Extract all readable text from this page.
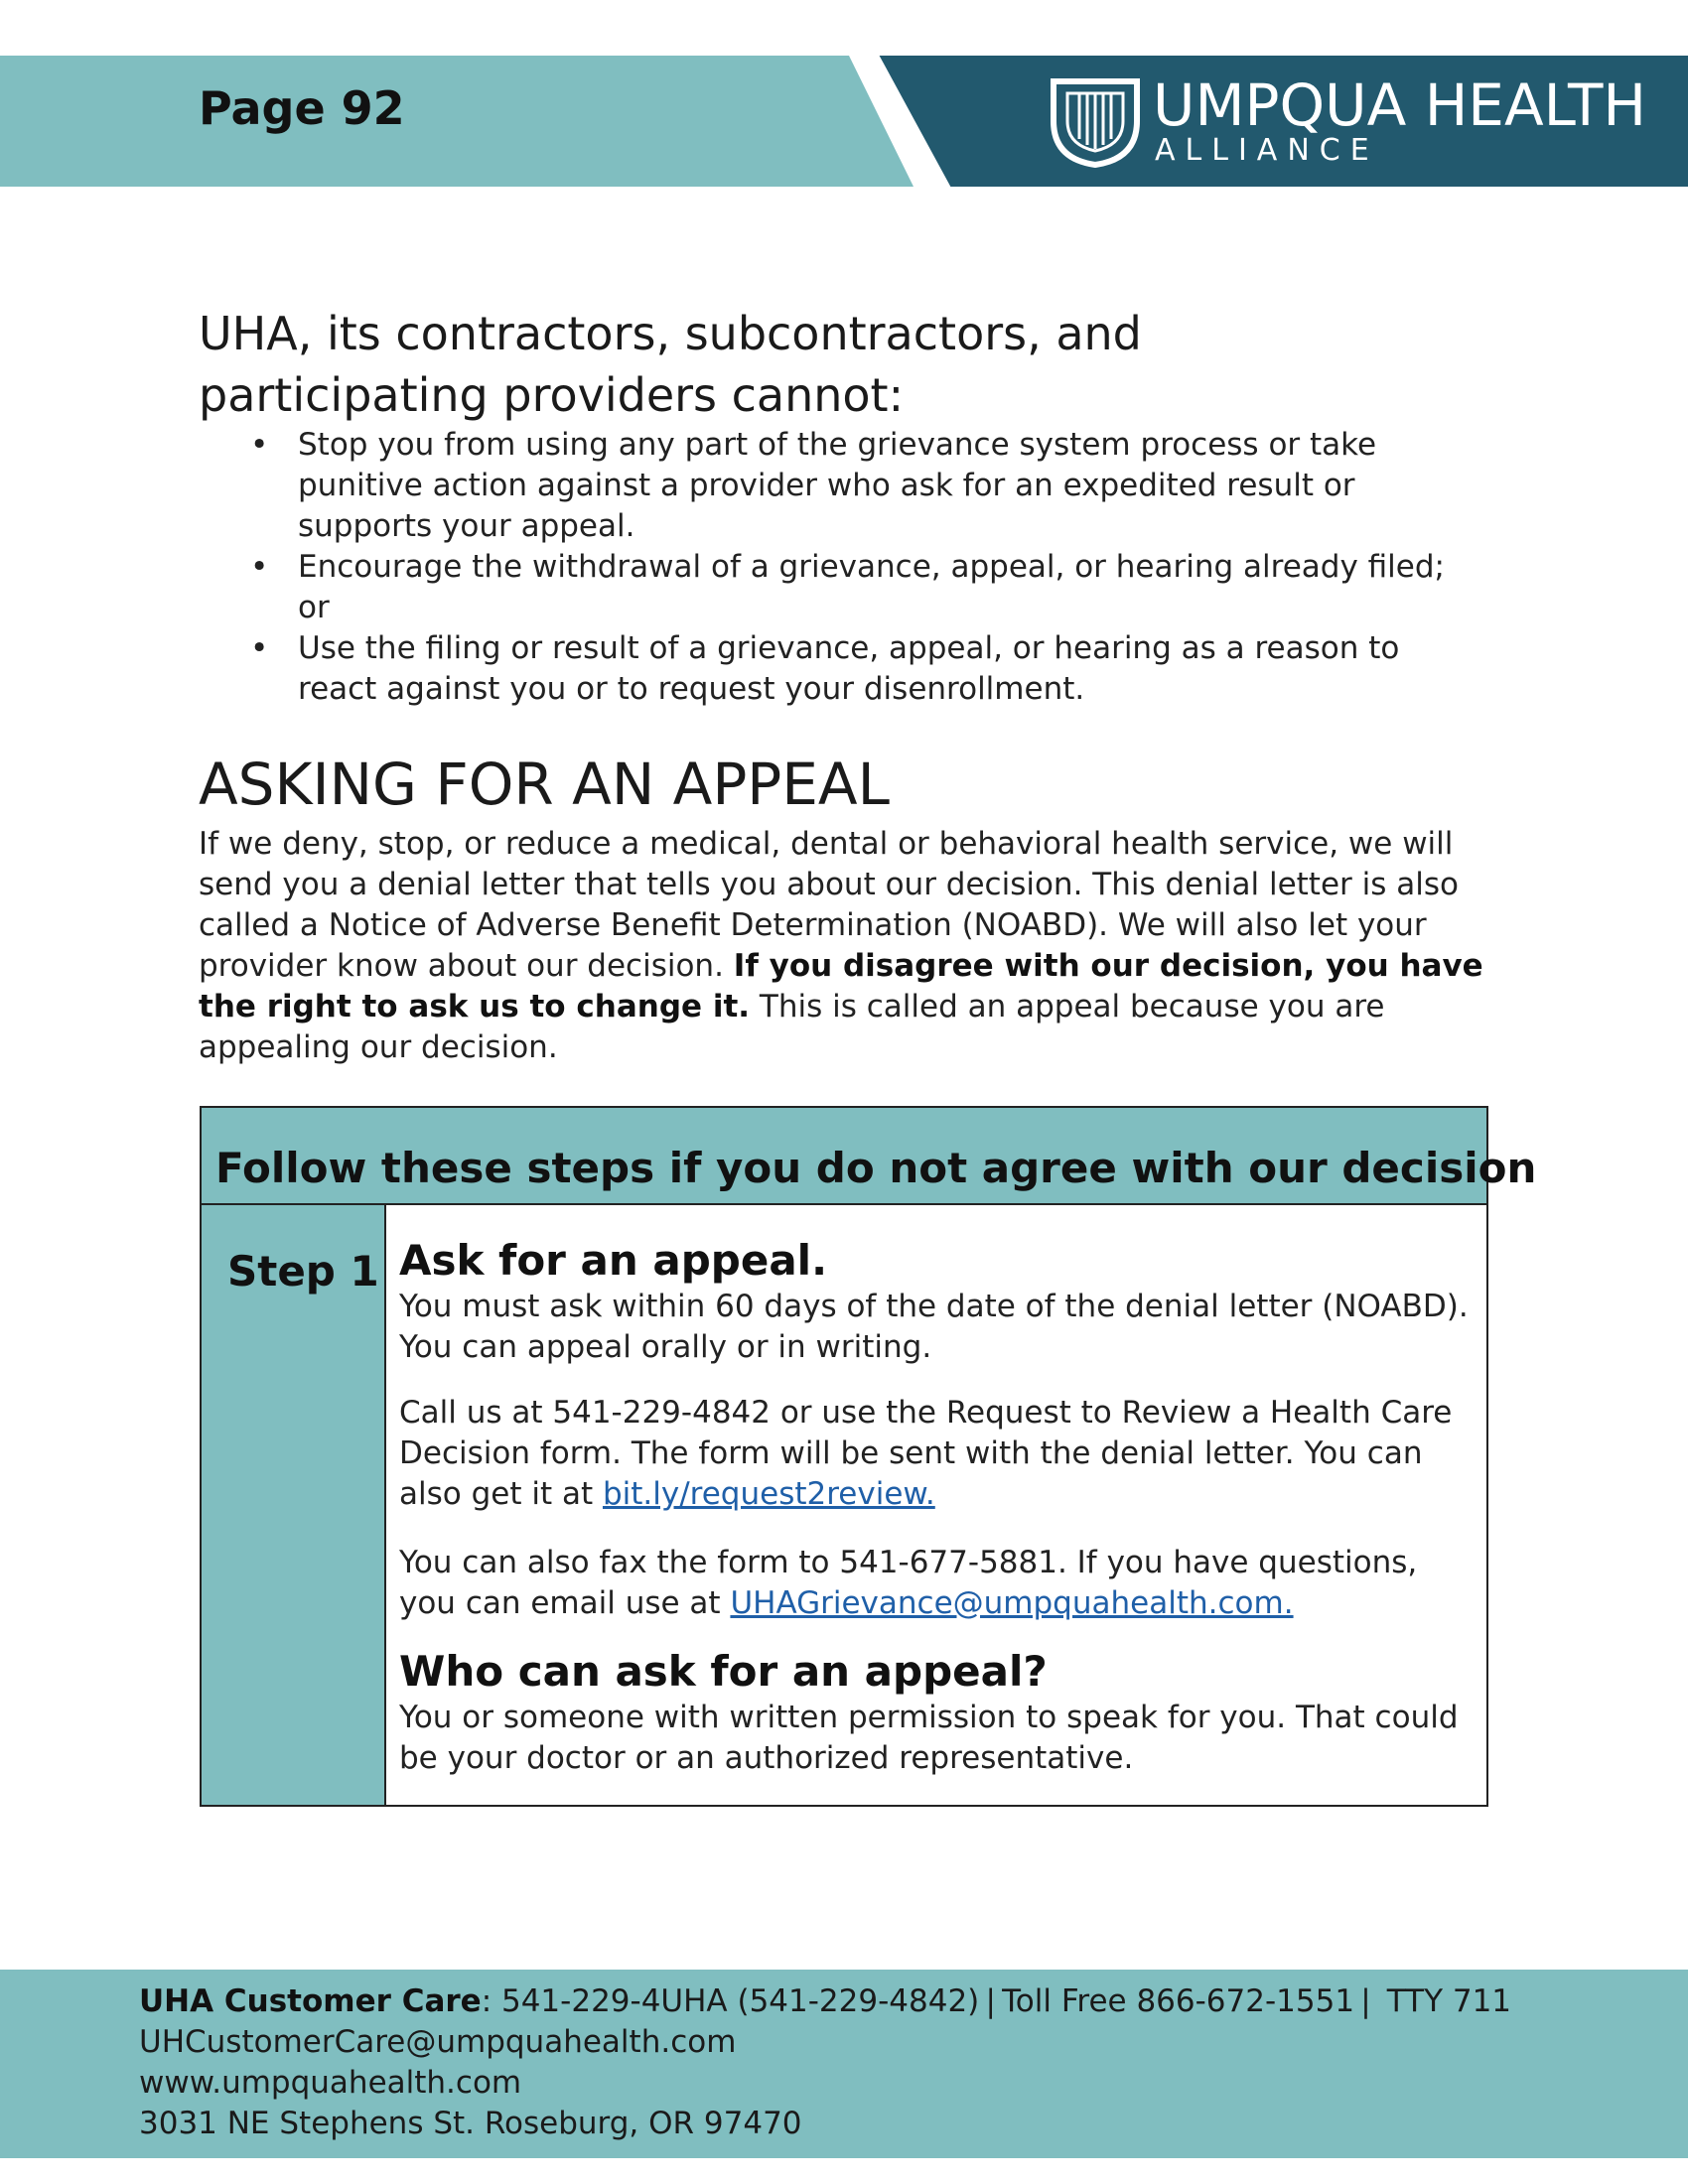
Page 92	UMPQUA HEALTH
ALLIANCE
UHA, its contractors, subcontractors, and
participating providers cannot:
• Stop you from using any part of the grievance system process or take punitive action against a provider who ask for an expedited result or supports your appeal.
• Encourage the withdrawal of a grievance, appeal, or hearing already filed; or
• Use the filing or result of a grievance, appeal, or hearing as a reason to react against you or to request your disenrollment.
ASKING FOR AN APPEAL
If we deny, stop, or reduce a medical, dental or behavioral health service, we will send you a denial letter that tells you about our decision. This denial letter is also called a Notice of Adverse Benefit Determination (NOABD). We will also let your provider know about our decision. If you disagree with our decision, you have the right to ask us to change it. This is called an appeal because you are appealing our decision.
Follow these steps if you do not agree with our decision
Step 1 Ask for an appeal.

You must ask within 60 days of the date of the denial letter (NOABD). You can appeal orally or in writing.

Call us at 541-229-4842 or use the Request to Review a Health Care Decision form. The form will be sent with the denial letter. You can also get it at bit.ly/request2review.

You can also fax the form to 541-677-5881. If you have questions, you can email use at UHAGrievance@umpquahealth.com.

Who can ask for an appeal?

You or someone with written permission to speak for you. That could be your doctor or an authorized representative.

UHA Customer Care: 541-229-4UHA (541-229-4842) | Toll Free 866-672-1551 |  TTY 711
UHCustomerCare@umpquahealth.com
www.umpquahealth.com
3031 NE Stephens St. Roseburg, OR 97470
